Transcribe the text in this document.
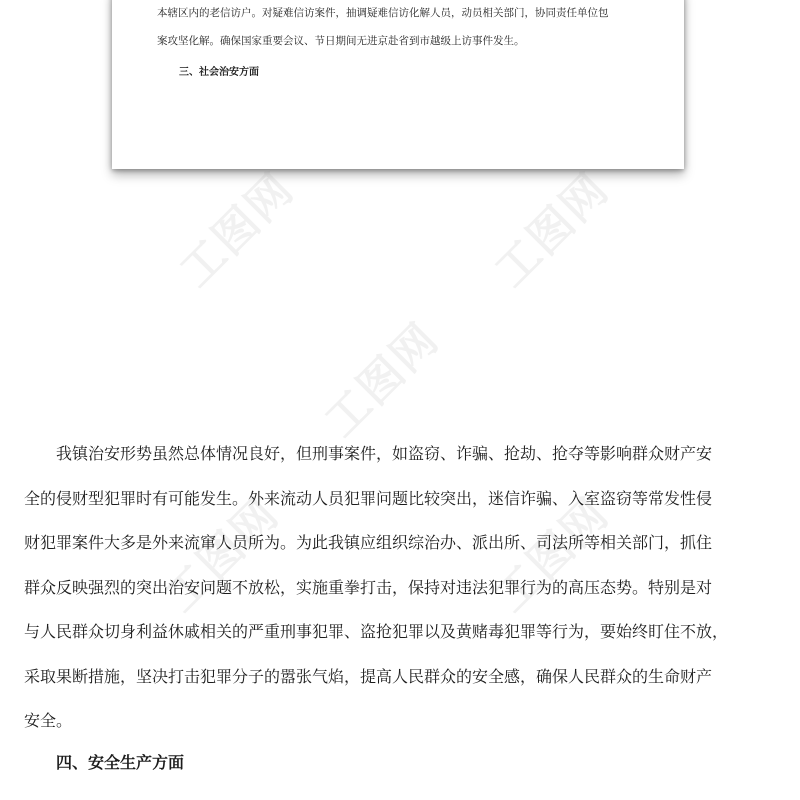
本辖区内的老信访户。对疑难信访案件，抽调疑难信访化解人员，动员相关部门，协同责任单位包
案攻坚化解。确保国家重要会议、节日期间无进京赴省到市越级上访事件发生。
三、社会治安方面
工图网	工图网
工图网
工图网	工图网
我镇治安形势虽然总体情况良好，但刑事案件，如盗窃、诈骗、抢劫、抢夺等影响群众财产安
全的侵财型犯罪时有可能发生。外来流动人员犯罪问题比较突出，迷信诈骗、入室盗窃等常发性侵
财犯罪案件大多是外来流窜人员所为。为此我镇应组织综治办、派出所、司法所等相关部门，抓住
群众反映强烈的突出治安问题不放松，实施重拳打击，保持对违法犯罪行为的高压态势。特别是对
与人民群众切身利益休戚相关的严重刑事犯罪、盗抢犯罪以及黄赌毒犯罪等行为，要始终盯住不放，
采取果断措施，坚决打击犯罪分子的嚣张气焰，提高人民群众的安全感，确保人民群众的生命财产
安全。
四、安全生产方面
